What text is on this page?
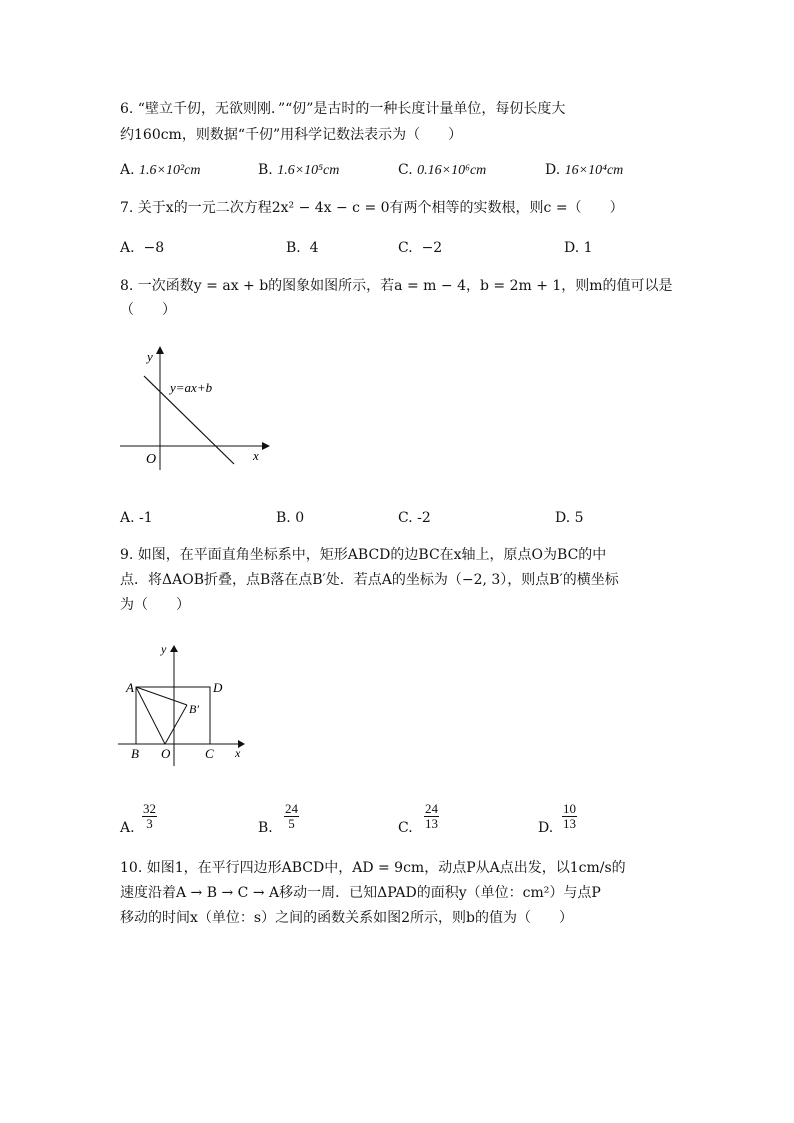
6. “壁立千仞，无欲则刚．”“仞”是古时的一种长度计量单位，每仞长度大
约160cm，则数据“千仞”用科学记数法表示为（　　）
A. 1.6×10²cm	B. 1.6×10⁵cm	C. 0.16×10⁶cm	D. 16×10⁴cm
7. 关于x的一元二次方程2x² − 4x − c = 0有两个相等的实数根，则c =（　　）
A. −8	B. 4	C. −2	D. 1
8. 一次函数y = ax + b的图象如图所示，若a = m − 4，b = 2m + 1，则m的值可以是
（　　）
y
x
O
y=ax+b
A. -1	B. 0	C. -2	D. 5
9. 如图，在平面直角坐标系中，矩形ABCD的边BC在x轴上，原点O为BC的中
点．将ΔAOB折叠，点B落在点B′处．若点A的坐标为（−2, 3），则点B′的横坐标
为（　　）
y
x
A	D
B′
B O	C
A. $\frac{32}{3}$	B. $\frac{24}{5}$	C. $\frac{24}{13}$	D. $\frac{10}{13}$
10. 如图1，在平行四边形ABCD中，AD = 9cm，动点P从A点出发，以1cm/s的
速度沿着A → B → C → A移动一周．已知ΔPAD的面积y（单位：cm²）与点P
移动的时间x（单位：s）之间的函数关系如图2所示，则b的值为（　　）
